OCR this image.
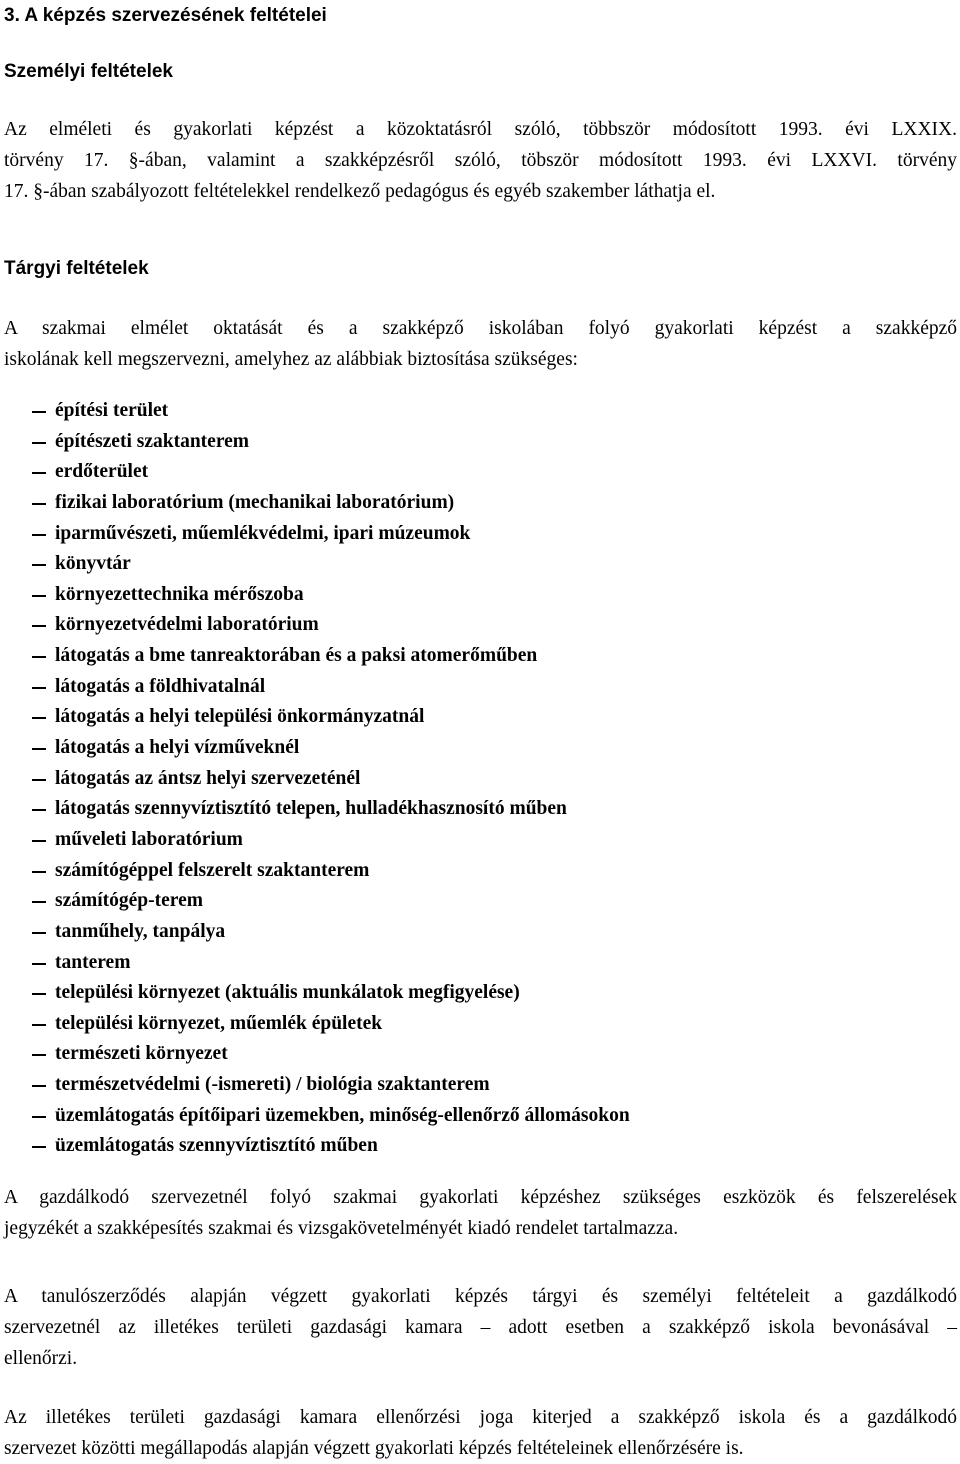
3. A képzés szervezésének feltételei
Személyi feltételek
Az elméleti és gyakorlati képzést a közoktatásról szóló, többször módosított 1993. évi LXXIX.
törvény 17. §-ában, valamint a szakképzésről szóló, töbször módosított 1993. évi LXXVI. törvény
17. §-ában szabályozott feltételekkel rendelkező pedagógus és egyéb szakember láthatja el.
Tárgyi feltételek
A szakmai elmélet oktatását és a szakképző iskolában folyó gyakorlati képzést a szakképző
iskolának kell megszervezni, amelyhez az alábbiak biztosítása szükséges:
építési terület
építészeti szaktanterem
erdőterület
fizikai laboratórium (mechanikai laboratórium)
iparművészeti, műemlékvédelmi, ipari múzeumok
könyvtár
környezettechnika mérőszoba
környezetvédelmi laboratórium
látogatás a bme tanreaktorában és a paksi atomerőműben
látogatás a földhivatalnál
látogatás a helyi települési önkormányzatnál
látogatás a helyi vízműveknél
látogatás az ántsz helyi szervezeténél
látogatás szennyvíztisztító telepen, hulladékhasznosító műben
műveleti laboratórium
számítógéppel felszerelt szaktanterem
számítógép-terem
tanműhely, tanpálya
tanterem
települési környezet (aktuális munkálatok megfigyelése)
települési környezet, műemlék épületek
természeti környezet
természetvédelmi (-ismereti) / biológia szaktanterem
üzemlátogatás építőipari üzemekben, minőség-ellenőrző állomásokon
üzemlátogatás szennyvíztisztító műben
A gazdálkodó szervezetnél folyó szakmai gyakorlati képzéshez szükséges eszközök és felszerelések
jegyzékét a szakképesítés szakmai és vizsgakövetelményét kiadó rendelet tartalmazza.
A tanulószerződés alapján végzett gyakorlati képzés tárgyi és személyi feltételeit a gazdálkodó
szervezetnél az illetékes területi gazdasági kamara – adott esetben a szakképző iskola bevonásával –
ellenőrzi.
Az illetékes területi gazdasági kamara ellenőrzési joga kiterjed a szakképző iskola és a gazdálkodó
szervezet közötti megállapodás alapján végzett gyakorlati képzés feltételeinek ellenőrzésére is.
